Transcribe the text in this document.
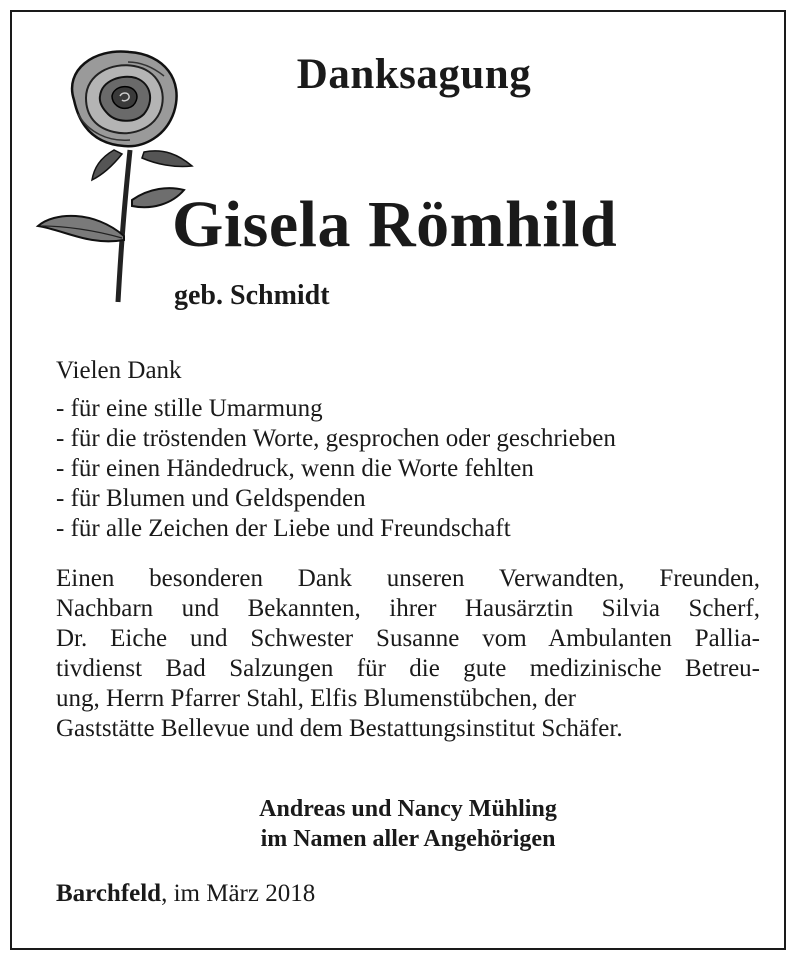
Danksagung
Gisela Römhild
geb. Schmidt
Vielen Dank
- für eine stille Umarmung
- für die tröstenden Worte, gesprochen oder geschrieben
- für einen Händedruck, wenn die Worte fehlten
- für Blumen und Geldspenden
- für alle Zeichen der Liebe und Freundschaft
Einen besonderen Dank unseren Verwandten, Freunden,
Nachbarn und Bekannten, ihrer Hausärztin Silvia Scherf,
Dr. Eiche und Schwester Susanne vom Ambulanten Pallia-
tivdienst Bad Salzungen für die gute medizinische Betreu-
ung, Herrn Pfarrer Stahl, Elfis Blumenstübchen, der
Gaststätte Bellevue und dem Bestattungsinstitut Schäfer.
Andreas und Nancy Mühling
im Namen aller Angehörigen
Barchfeld, im März 2018
